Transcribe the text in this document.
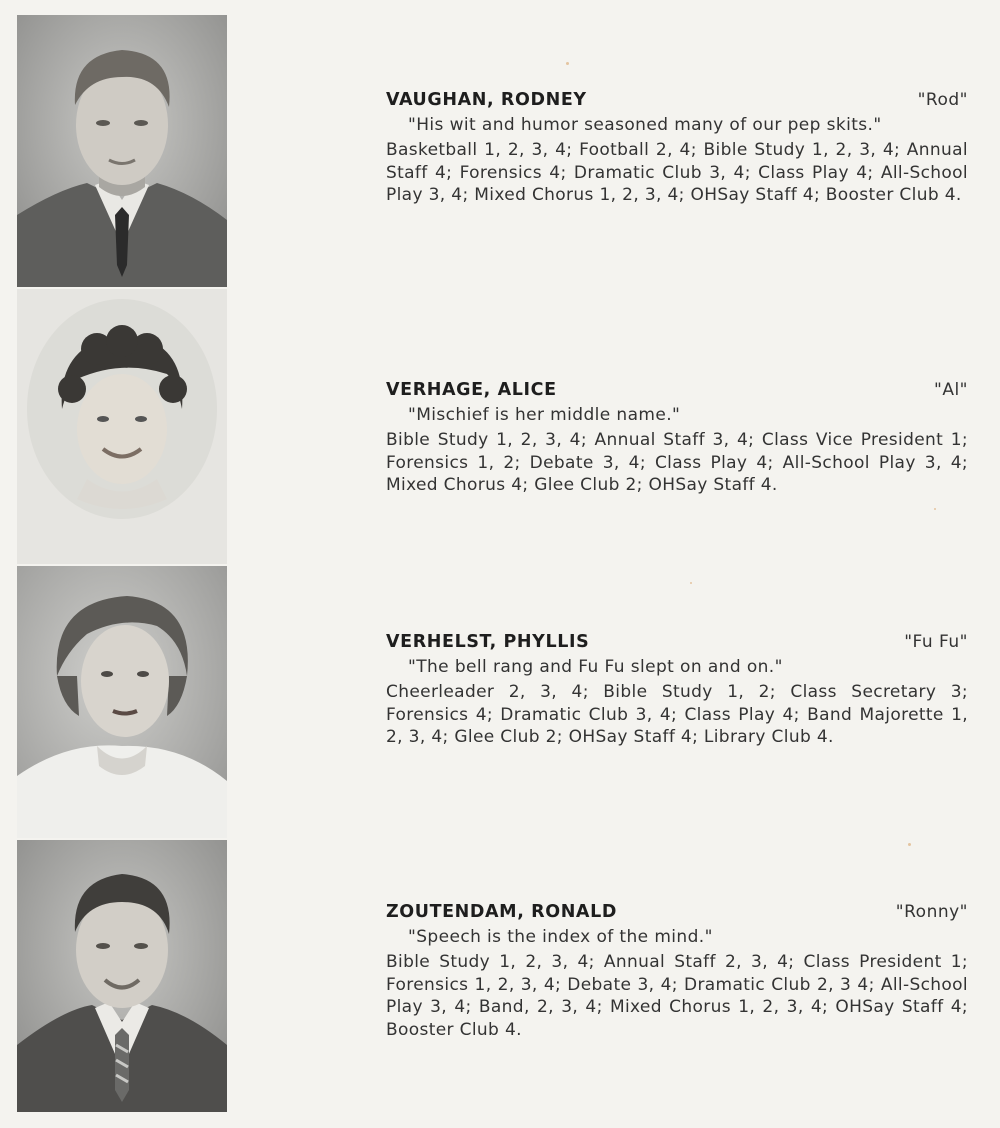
VAUGHAN, RODNEY	"Rod"
"His wit and humor seasoned many of our pep skits."
Basketball 1, 2, 3, 4; Football 2, 4; Bible Study 1, 2, 3, 4; Annual Staff 4; Forensics 4; Dramatic Club 3, 4; Class Play 4; All-School Play 3, 4; Mixed Chorus 1, 2, 3, 4; OHSay Staff 4; Booster Club 4.
VERHAGE, ALICE	"Al"
"Mischief is her middle name."
Bible Study 1, 2, 3, 4; Annual Staff 3, 4; Class Vice President 1; Forensics 1, 2; Debate 3, 4; Class Play 4; All-School Play 3, 4; Mixed Chorus 4; Glee Club 2; OHSay Staff 4.
VERHELST, PHYLLIS	"Fu Fu"
"The bell rang and Fu Fu slept on and on."
Cheerleader 2, 3, 4; Bible Study 1, 2; Class Secretary 3; Forensics 4; Dramatic Club 3, 4; Class Play 4; Band Majorette 1, 2, 3, 4; Glee Club 2; OHSay Staff 4; Library Club 4.
ZOUTENDAM, RONALD	"Ronny"
"Speech is the index of the mind."
Bible Study 1, 2, 3, 4; Annual Staff 2, 3, 4; Class President 1; Forensics 1, 2, 3, 4; Debate 3, 4; Dramatic Club 2, 3 4; All-School Play 3, 4; Band, 2, 3, 4; Mixed Chorus 1, 2, 3, 4; OHSay Staff 4; Booster Club 4.
